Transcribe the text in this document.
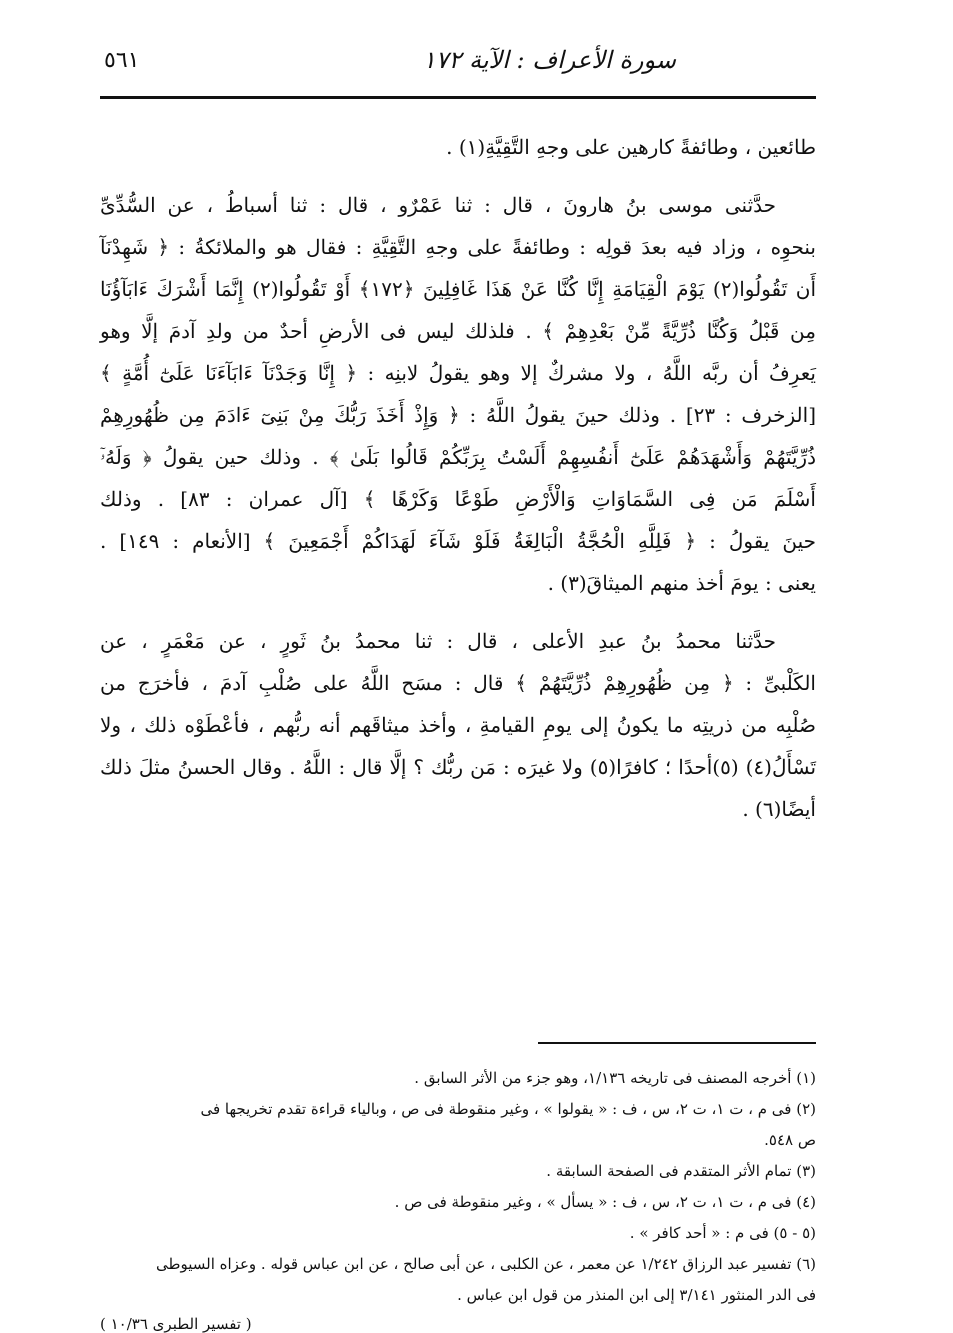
سورة الأعراف : الآية ١٧٢
٥٦١
طائعين ، وطائفةً كارهين على وجهِ التَّقِيَّةِ(١) .
حدَّثنى موسى بنُ هارونَ ، قال : ثنا عَمْرٌو ، قال : ثنا أسباطُ ، عن السُّدِّىِّ
بنحوِه ، وزاد فيه بعدَ قولِه : وطائفةً على وجهِ التَّقِيَّةِ : فقال هو والملائكةُ : ﴿ شَهِدْنَآ
أَن تَقُولُوا(٢) يَوْمَ الْقِيَامَةِ إِنَّا كُنَّا عَنْ هَذَا غَافِلِينَ ﴿١٧٢﴾ أَوْ تَقُولُوا(٢) إِنَّمَا أَشْرَكَ ءَابَآؤُنَا
مِن قَبْلُ وَكُنَّا ذُرِّيَّةً مِّنْ بَعْدِهِمْ ﴾ . فلذلك ليس فى الأرضِ أحدٌ من ولدِ آدمَ إلَّا وهو
يَعرِفُ أن ربَّه اللَّهُ ، ولا مشركٌ إلا وهو يقولُ لابنِه : ﴿ إِنَّا وَجَدْنَآ ءَابَآءَنَا عَلَىٰٓ أُمَّةٍ ﴾
[الزخرف : ٢٣] . وذلك حينَ يقولُ اللَّهُ : ﴿ وَإِذْ أَخَذَ رَبُّكَ مِنْ بَنِىٓ ءَادَمَ مِن ظُهُورِهِمْ
ذُرِّيَّتَهُمْ وَأَشْهَدَهُمْ عَلَىٰٓ أَنفُسِهِمْ أَلَسْتُ بِرَبِّكُمْ قَالُوا بَلَىٰ ﴾ . وذلك حين يقولُ ﴿ وَلَهُۥٓ
أَسْلَمَ مَن فِى السَّمَاوَاتِ وَالْأَرْضِ طَوْعًا وَكَرْهًا ﴾ [آل عمران : ٨٣] . وذلك
حينَ يقولُ : ﴿ فَلِلَّهِ الْحُجَّةُ الْبَالِغَةُ فَلَوْ شَآءَ لَهَدَاكُمْ أَجْمَعِينَ ﴾ [الأنعام : ١٤٩] .
يعنى : يومَ أخذ منهم الميثاقَ(٣) .
حدَّثنا محمدُ بنُ عبدِ الأعلى ، قال : ثنا محمدُ بنُ ثَورٍ ، عن مَعْمَرٍ ، عن
الكَلْبىِّ : ﴿ مِن ظُهُورِهِمْ ذُرِّيَّتَهُمْ ﴾ قال : مسَح اللَّهُ على صُلْبِ آدمَ ، فأخرَج من
صُلْبِه من ذريتِه ما يكونُ إلى يومِ القيامةِ ، وأخذ ميثاقَهم أنه ربُّهم ، فأعْطَوْه ذلك ، ولا
تَسْأَلُ(٤) (٥)أحدًا ؛ كافرًا(٥) ولا غيرَه : مَن ربُّك ؟ إلَّا قال : اللَّهُ . وقال الحسنُ مثلَ ذلك
أيضًا(٦) .
(١) أخرجه المصنف فى تاريخه ١/١٣٦، وهو جزء من الأثر السابق .
(٢) فى م ، ت ١، ت ٢، س ، ف : « يقولوا » ، وغير منقوطة فى ص ، وبالياء قراءة تقدم تخريجها فى
ص ٥٤٨.
(٣) تمام الأثر المتقدم فى الصفحة السابقة .
(٤) فى م ، ت ١، ت ٢، س ، ف : « يسأل » ، وغير منقوطة فى ص .
(٥ - ٥) فى م : « أحد كافر » .
(٦) تفسير عبد الرزاق ١/٢٤٢ عن معمر ، عن الكلبى ، عن أبى صالح ، عن ابن عباس قوله . وعزاه السيوطى
فى الدر المنثور ٣/١٤١ إلى ابن المنذر من قول ابن عباس .
( تفسير الطبرى ١٠/٣٦ )
